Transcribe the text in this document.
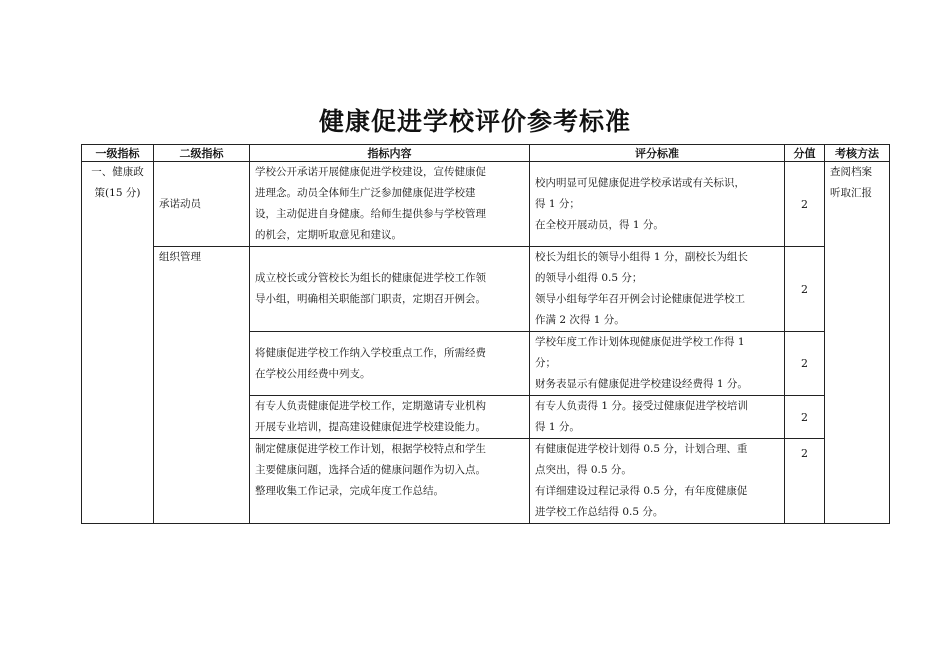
健康促进学校评价参考标准
一级指标	二级指标	指标内容	评分标准	分值	考核方法

一、健康政
策(15 分)	承诺动员	学校公开承诺开展健康促进学校建设，宣传健康促
进理念。动员全体师生广泛参加健康促进学校建
设，主动促进自身健康。给师生提供参与学校管理
的机会，定期听取意见和建议。	校内明显可见健康促进学校承诺或有关标识，
得 1 分；
在全校开展动员，得 1 分。	2	查阅档案
听取汇报

	组织管理	成立校长或分管校长为组长的健康促进学校工作领
导小组，明确相关职能部门职责，定期召开例会。	校长为组长的领导小组得 1 分，副校长为组长
的领导小组得 0.5 分；
领导小组每学年召开例会讨论健康促进学校工
作满 2 次得 1 分。	2	

		将健康促进学校工作纳入学校重点工作，所需经费
在学校公用经费中列支。	学校年度工作计划体现健康促进学校工作得 1
分；
财务表显示有健康促进学校建设经费得 1 分。	2	

		有专人负责健康促进学校工作，定期邀请专业机构
开展专业培训，提高建设健康促进学校建设能力。	有专人负责得 1 分。接受过健康促进学校培训
得 1 分。	2	

		制定健康促进学校工作计划，根据学校特点和学生
主要健康问题，选择合适的健康问题作为切入点。
整理收集工作记录，完成年度工作总结。	有健康促进学校计划得 0.5 分，计划合理、重
点突出，得 0.5 分。
有详细建设过程记录得 0.5 分，有年度健康促
进学校工作总结得 0.5 分。	2	
